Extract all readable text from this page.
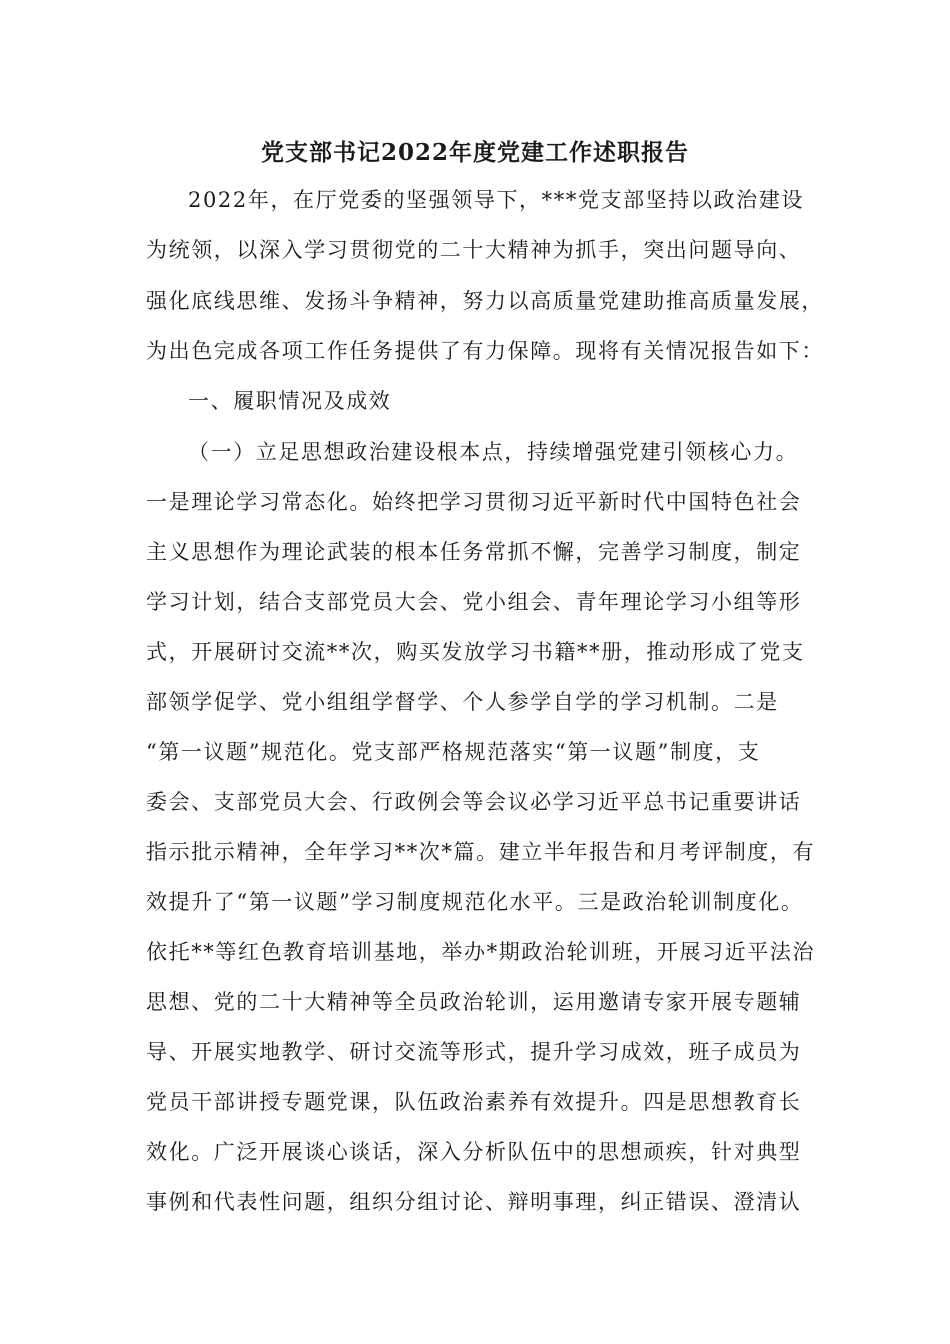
党支部书记2022年度党建工作述职报告
2022年，在厅党委的坚强领导下，***党支部坚持以政治建设
为统领，以深入学习贯彻党的二十大精神为抓手，突出问题导向、
强化底线思维、发扬斗争精神，努力以高质量党建助推高质量发展，
为出色完成各项工作任务提供了有力保障。现将有关情况报告如下：
一、履职情况及成效
（一）立足思想政治建设根本点，持续增强党建引领核心力。
一是理论学习常态化。始终把学习贯彻习近平新时代中国特色社会
主义思想作为理论武装的根本任务常抓不懈，完善学习制度，制定
学习计划，结合支部党员大会、党小组会、青年理论学习小组等形
式，开展研讨交流**次，购买发放学习书籍**册，推动形成了党支
部领学促学、党小组组学督学、个人参学自学的学习机制。二是
“第一议题”规范化。党支部严格规范落实“第一议题”制度，支
委会、支部党员大会、行政例会等会议必学习近平总书记重要讲话
指示批示精神，全年学习**次*篇。建立半年报告和月考评制度，有
效提升了“第一议题”学习制度规范化水平。三是政治轮训制度化。
依托**等红色教育培训基地，举办*期政治轮训班，开展习近平法治
思想、党的二十大精神等全员政治轮训，运用邀请专家开展专题辅
导、开展实地教学、研讨交流等形式，提升学习成效，班子成员为
党员干部讲授专题党课，队伍政治素养有效提升。四是思想教育长
效化。广泛开展谈心谈话，深入分析队伍中的思想顽疾，针对典型
事例和代表性问题，组织分组讨论、辩明事理，纠正错误、澄清认
